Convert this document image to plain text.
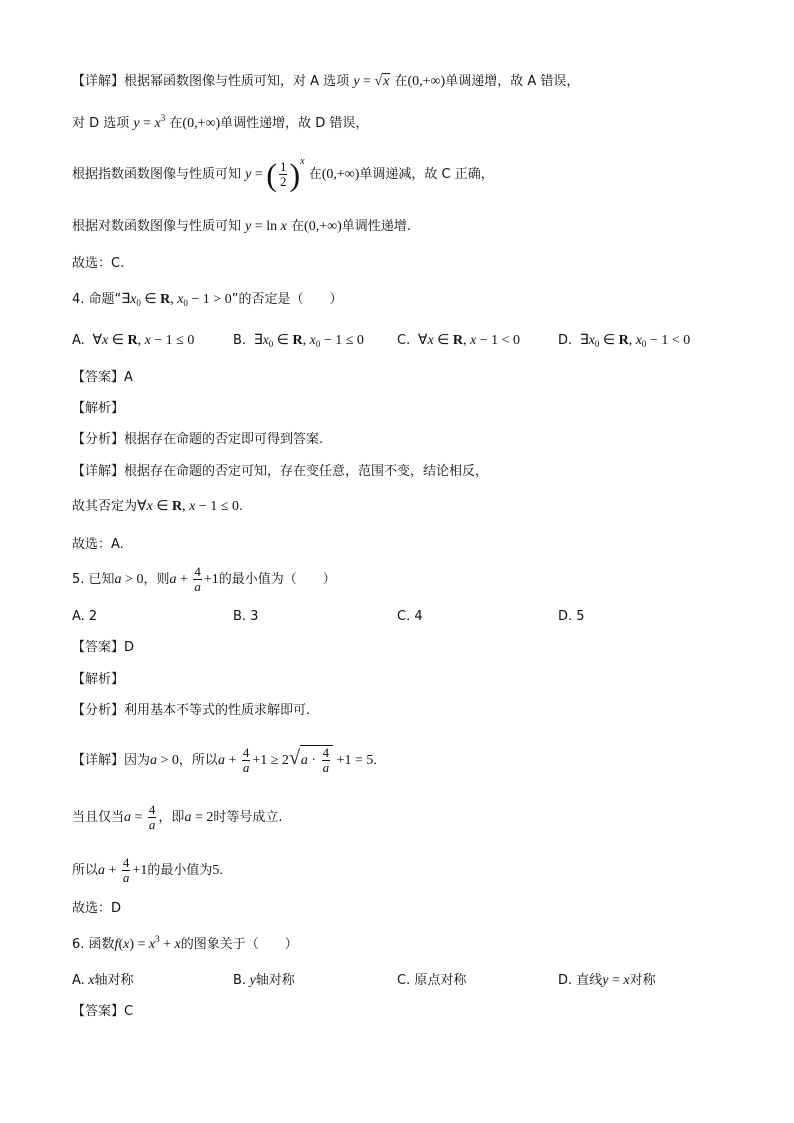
【详解】根据幂函数图像与性质可知，对 A 选项 y = √x 在(0,+∞)单调递增，故 A 错误，
对 D 选项 $y = x^3$ 在(0,+∞)单调性递增，故 D 错误，
根据指数函数图像与性质可知 y = ( $\frac{1}{2} )^x$ 在(0,+∞)单调递减，故 C 正确，
根据对数函数图像与性质可知 y = ln x 在(0,+∞)单调性递增.
故选：C.
4. 命题“$\exists x_0$ ∈ R, $x_0 - 1 > 0$”的否定是（　　）
A.  ∀x ∈ R, x − 1 ≤ 0	B.  $\exists x_0$ ∈ R, $x_0 - 1 \le 0$	C.  ∀x ∈ R, x − 1 < 0	D.  $\exists x_0$ ∈ R, $x_0 - 1 < 0$
【答案】A
【解析】
【分析】根据存在命题的否定即可得到答案.
【详解】根据存在命题的否定可知，存在变任意，范围不变，结论相反，
故其否定为∀x ∈ R, x − 1 ≤ 0.
故选：A.
5. 已知a > 0，则$a + \frac{4}{a} +1$的最小值为（　　）
A. 2	B. 3	C. 4	D. 5
【答案】D
【解析】
【分析】利用基本不等式的性质求解即可.
【详解】因为a > 0，所以$a + \frac{4}{a} +1 \ge 2√a \cdot \frac{4}{a} +1 = 5$.
当且仅当$a = \frac{4}{a}$ ，即a = 2时等号成立.
所以$a + \frac{4}{a} +1$的最小值为5.
故选：D
6. 函数$f(x) = x^3 + x$的图象关于（　　）
A. x轴对称	B. y轴对称	C. 原点对称	D. 直线y = x对称
【答案】C
